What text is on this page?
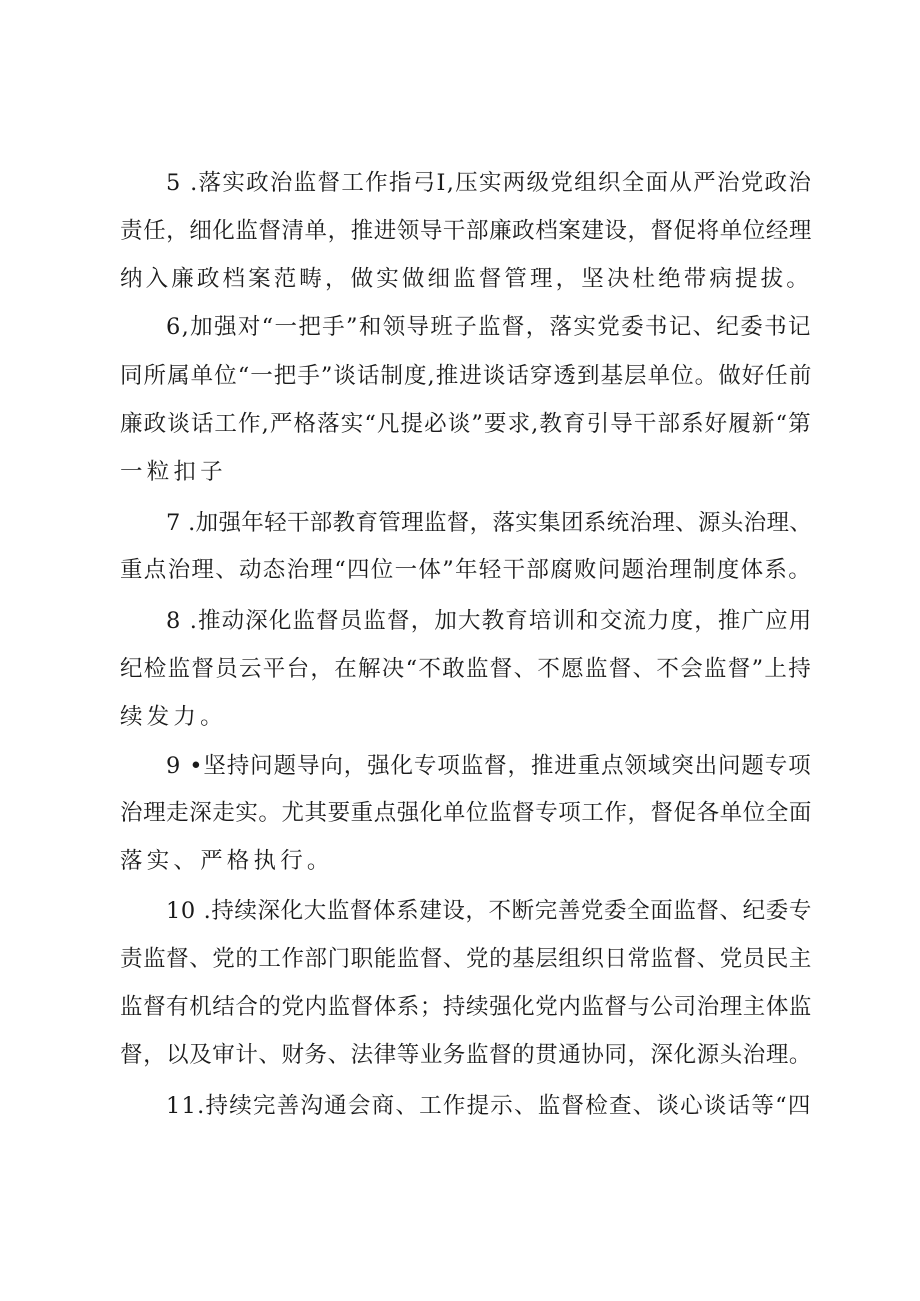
5 .落实政治监督工作指弓I,压实两级党组织全面从严治党政治
责任，细化监督清单，推进领导干部廉政档案建设，督促将单位经理
纳入廉政档案范畴，做实做细监督管理，坚决杜绝带病提拔。
6,加强对“一把手”和领导班子监督，落实党委书记、纪委书记
同所属单位“一把手”谈话制度,推进谈话穿透到基层单位。做好任前
廉政谈话工作,严格落实“凡提必谈”要求,教育引导干部系好履新“第
一粒扣子
7 .加强年轻干部教育管理监督，落实集团系统治理、源头治理、
重点治理、动态治理“四位一体”年轻干部腐败问题治理制度体系。
8 .推动深化监督员监督，加大教育培训和交流力度，推广应用
纪检监督员云平台，在解决“不敢监督、不愿监督、不会监督”上持
续发力。
9 •坚持问题导向，强化专项监督，推进重点领域突出问题专项
治理走深走实。尤其要重点强化单位监督专项工作，督促各单位全面
落实、严格执行。
10 .持续深化大监督体系建设，不断完善党委全面监督、纪委专
责监督、党的工作部门职能监督、党的基层组织日常监督、党员民主
监督有机结合的党内监督体系；持续强化党内监督与公司治理主体监
督，以及审计、财务、法律等业务监督的贯通协同，深化源头治理。
11.持续完善沟通会商、工作提示、监督检查、谈心谈话等“四
